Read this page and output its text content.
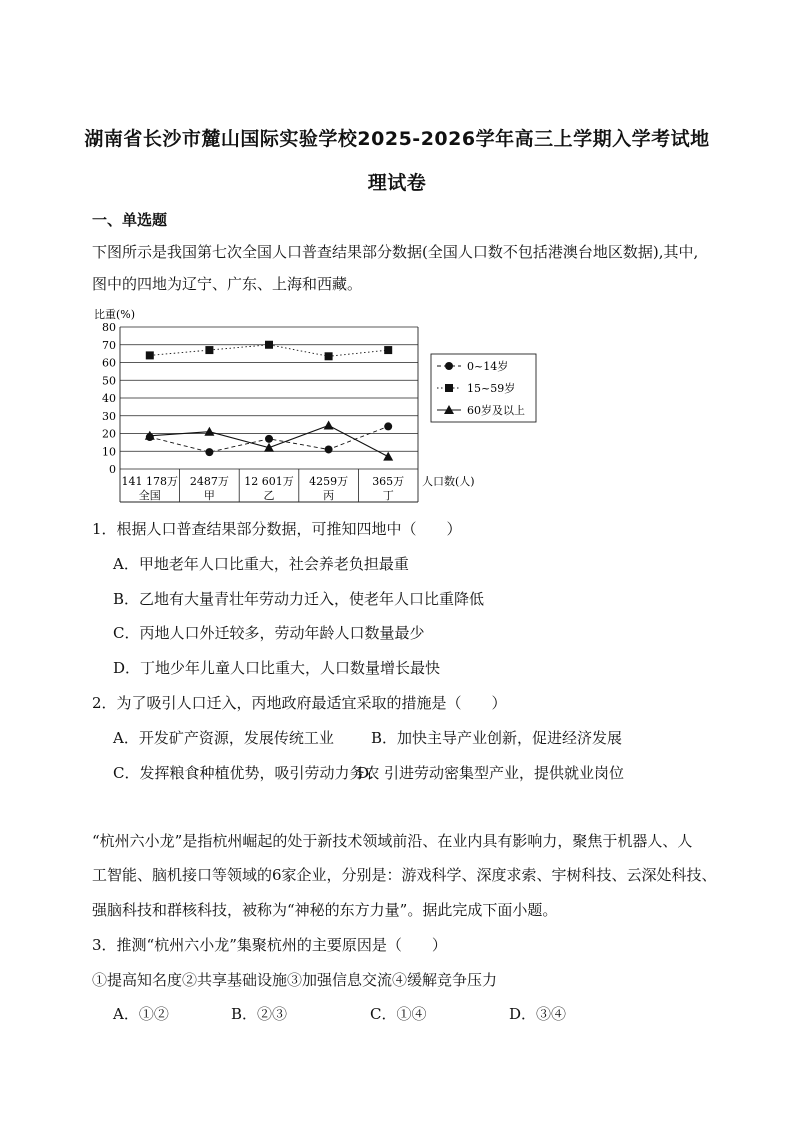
湖南省长沙市麓山国际实验学校2025-2026学年高三上学期入学考试地
理试卷
一、单选题
下图所示是我国第七次全国人口普查结果部分数据(全国人口数不包括港澳台地区数据),其中,
图中的四地为辽宁、广东、上海和西藏。
0
10
20
30
40
50
60
70
80
比重(%)
141 178万
全国
2487万
甲
12 601万
乙
4259万
丙
365万
丁
人口数(人)
0~14岁
15~59岁
60岁及以上
1．根据人口普查结果部分数据，可推知四地中（　　）
A．甲地老年人口比重大，社会养老负担最重
B．乙地有大量青壮年劳动力迁入，使老年人口比重降低
C．丙地人口外迁较多，劳动年龄人口数量最少
D．丁地少年儿童人口比重大，人口数量增长最快
2．为了吸引人口迁入，丙地政府最适宜采取的措施是（　　）
A．开发矿产资源，发展传统工业 B．加快主导产业创新，促进经济发展
C．发挥粮食种植优势，吸引劳动力务农
D．引进劳动密集型产业，提供就业岗位
“杭州六小龙”是指杭州崛起的处于新技术领域前沿、在业内具有影响力，聚焦于机器人、人
工智能、脑机接口等领域的6家企业，分别是：游戏科学、深度求索、宇树科技、云深处科技、
强脑科技和群核科技，被称为“神秘的东方力量”。据此完成下面小题。
3．推测“杭州六小龙”集聚杭州的主要原因是（　　）
①提高知名度②共享基础设施③加强信息交流④缓解竞争压力
A．①②	B．②③	C．①④	D．③④
